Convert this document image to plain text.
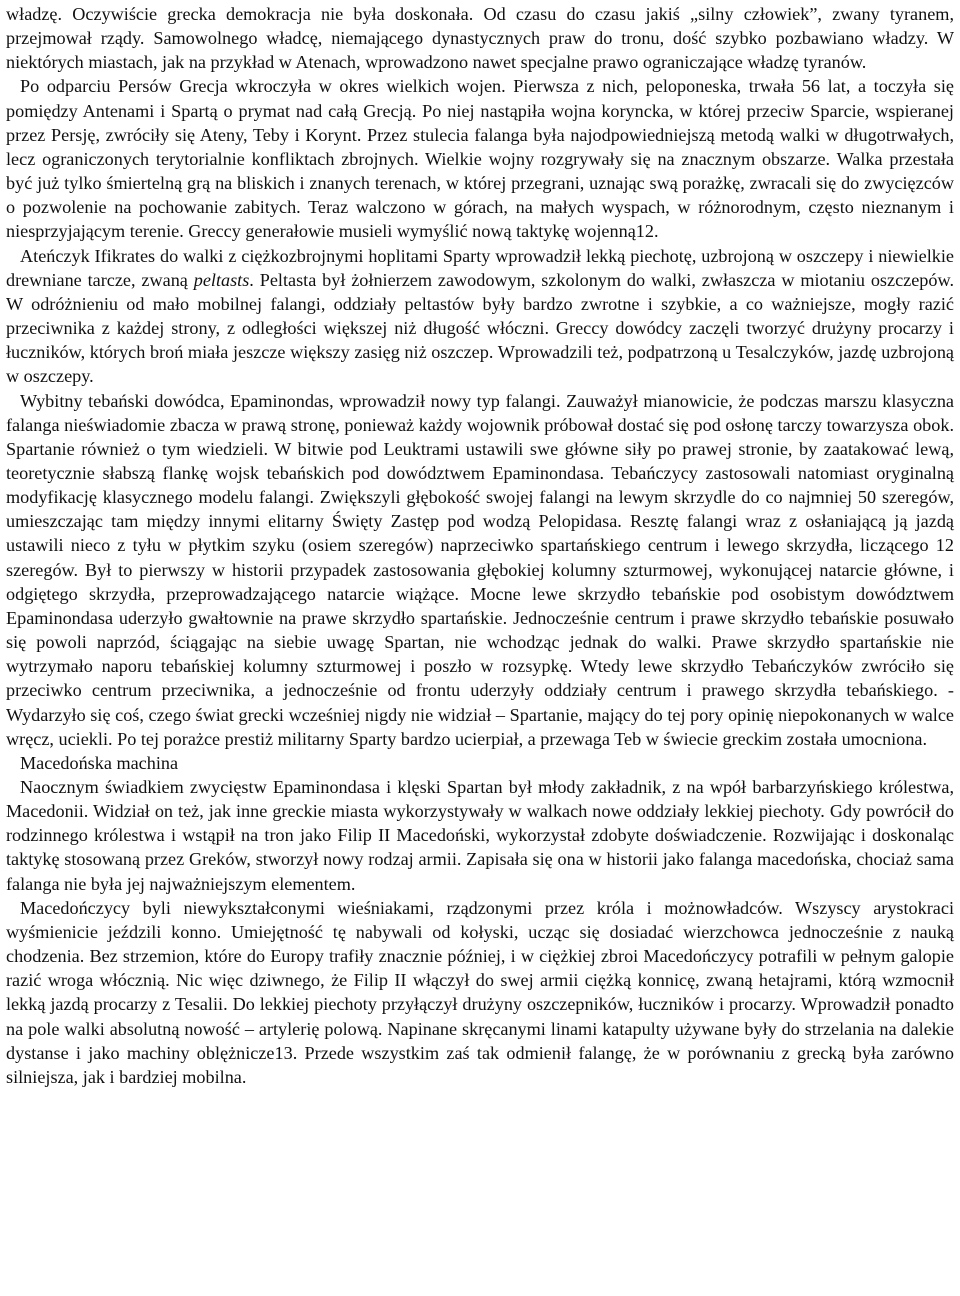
władzę. Oczywiście grecka demokracja nie była doskonała. Od czasu do czasu jakiś „silny człowiek”, zwany tyranem, przejmował rządy. Samowolnego władcę, niemającego dynastycznych praw do tronu, dość szybko pozbawiano władzy. W niektórych miastach, jak na przykład w Atenach, wprowadzono nawet specjalne prawo ograniczające władzę tyranów.

Po odparciu Persów Grecja wkroczyła w okres wielkich wojen. Pierwsza z nich, peloponeska, trwała 56 lat, a toczyła się pomiędzy Antenami i Spartą o prymat nad całą Grecją. Po niej nastąpiła wojna koryncka, w której przeciw Sparcie, wspieranej przez Persję, zwróciły się Ateny, Teby i Korynt. Przez stulecia falanga była najodpowiedniejszą metodą walki w długotrwałych, lecz ograniczonych terytorialnie konfliktach zbrojnych. Wielkie wojny rozgrywały się na znacznym obszarze. Walka przestała być już tylko śmiertelną grą na bliskich i znanych terenach, w której przegrani, uznając swą porażkę, zwracali się do zwycięzców o pozwolenie na pochowanie zabitych. Teraz walczono w górach, na małych wyspach, w różnorodnym, często nieznanym i niesprzyjającym terenie. Greccy generałowie musieli wymyślić nową taktykę wojenną12.

Ateńczyk Ifikrates do walki z ciężkozbrojnymi hoplitami Sparty wprowadził lekką piechotę, uzbrojoną w oszczepy i niewielkie drewniane tarcze, zwaną peltasts. Peltasta był żołnierzem zawodowym, szkolonym do walki, zwłaszcza w miotaniu oszczepów. W odróżnieniu od mało mobilnej falangi, oddziały peltastów były bardzo zwrotne i szybkie, a co ważniejsze, mogły razić przeciwnika z każdej strony, z odległości większej niż długość włóczni. Greccy dowódcy zaczęli tworzyć drużyny procarzy i łuczników, których broń miała jeszcze większy zasięg niż oszczep. Wprowadzili też, podpatrzoną u Tesalczyków, jazdę uzbrojoną w oszczepy.

Wybitny tebański dowódca, Epaminondas, wprowadził nowy typ falangi. Zauważył mianowicie, że podczas marszu klasyczna falanga nieświadomie zbacza w prawą stronę, ponieważ każdy wojownik próbował dostać się pod osłonę tarczy towarzysza obok. Spartanie również o tym wiedzieli. W bitwie pod Leuktrami ustawili swe główne siły po prawej stronie, by zaatakować lewą, teoretycznie słabszą flankę wojsk tebańskich pod dowództwem Epaminondasa. Tebańczycy zastosowali natomiast oryginalną modyfikację klasycznego modelu falangi. Zwiększyli głębokość swojej falangi na lewym skrzydle do co najmniej 50 szeregów, umieszczając tam między innymi elitarny Święty Zastęp pod wodzą Pelopidasa. Resztę falangi wraz z osłaniającą ją jazdą ustawili nieco z tyłu w płytkim szyku (osiem szeregów) naprzeciwko spartańskiego centrum i lewego skrzydła, liczącego 12 szeregów. Był to pierwszy w historii przypadek zastosowania głębokiej kolumny szturmowej, wykonującej natarcie główne, i odgiętego skrzydła, przeprowadzającego natarcie wiążące. Mocne lewe skrzydło tebańskie pod osobistym dowództwem Epaminondasa uderzyło gwałtownie na prawe skrzydło spartańskie. Jednocześnie centrum i prawe skrzydło tebańskie posuwało się powoli naprzód, ściągając na siebie uwagę Spartan, nie wchodząc jednak do walki. Prawe skrzydło spartańskie nie wytrzymało naporu tebańskiej kolumny szturmowej i poszło w rozsypkę. Wtedy lewe skrzydło Tebańczyków zwróciło się przeciwko centrum przeciwnika, a jednocześnie od frontu uderzyły oddziały centrum i prawego skrzydła tebańskiego. - Wydarzyło się coś, czego świat grecki wcześniej nigdy nie widział – Spartanie, mający do tej pory opinię niepokonanych w walce wręcz, uciekli. Po tej porażce prestiż militarny Sparty bardzo ucierpiał, a przewaga Teb w świecie greckim została umocniona.

Macedońska machina

Naocznym świadkiem zwycięstw Epaminondasa i klęski Spartan był młody zakładnik, z na wpół barbarzyńskiego królestwa, Macedonii. Widział on też, jak inne greckie miasta wykorzystywały w walkach nowe oddziały lekkiej piechoty. Gdy powrócił do rodzinnego królestwa i wstąpił na tron jako Filip II Macedoński, wykorzystał zdobyte doświadczenie. Rozwijając i doskonaląc taktykę stosowaną przez Greków, stworzył nowy rodzaj armii. Zapisała się ona w historii jako falanga macedońska, chociaż sama falanga nie była jej najważniejszym elementem.

Macedończycy byli niewykształconymi wieśniakami, rządzonymi przez króla i możnowładców. Wszyscy arystokraci wyśmienicie jeździli konno. Umiejętność tę nabywali od kołyski, ucząc się dosiadać wierzchowca jednocześnie z nauką chodzenia. Bez strzemion, które do Europy trafiły znacznie później, i w ciężkiej zbroi Macedończycy potrafili w pełnym galopie razić wroga włócznią. Nic więc dziwnego, że Filip II włączył do swej armii ciężką konnicę, zwaną hetajrami, którą wzmocnił lekką jazdą procarzy z Tesalii. Do lekkiej piechoty przyłączył drużyny oszczepników, łuczników i procarzy. Wprowadził ponadto na pole walki absolutną nowość – artylerię polową. Napinane skręcanymi linami katapulty używane były do strzelania na dalekie dystanse i jako machiny oblężnicze13. Przede wszystkim zaś tak odmienił falangę, że w porównaniu z grecką była zarówno silniejsza, jak i bardziej mobilna.
